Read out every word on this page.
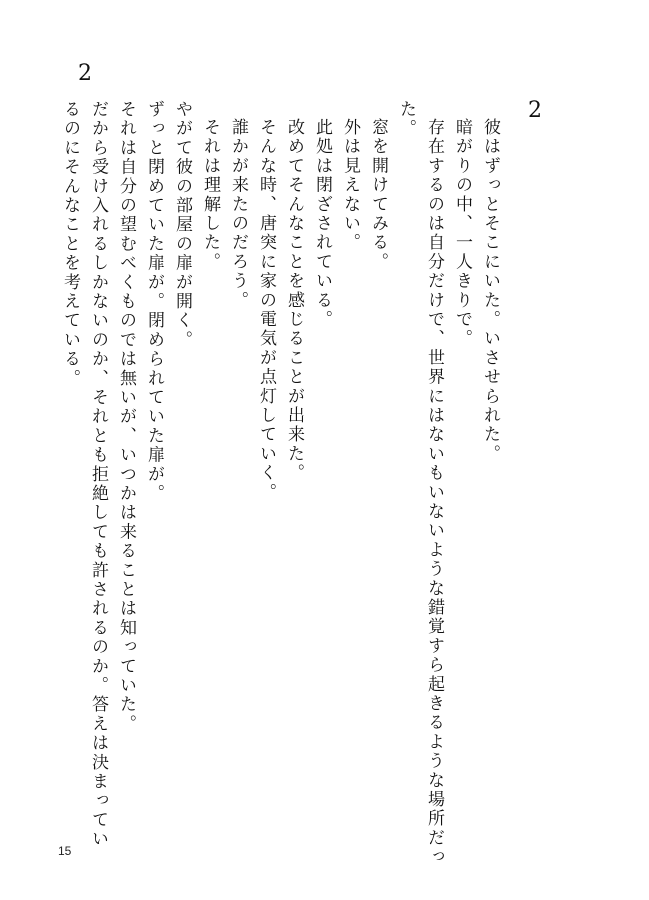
2
2
彼はずっとそこにいた。いさせられた。
暗がりの中、一人きりで。
存在するのは自分だけで、世界にはないもいないような錯覚すら起きるような場所だっ
た。
窓を開けてみる。
外は見えない。
此処は閉ざされている。
改めてそんなことを感じることが出来た。
そんな時、唐突に家の電気が点灯していく。
誰かが来たのだろう。
それは理解した。
やがて彼の部屋の扉が開く。
ずっと閉めていた扉が。閉められていた扉が。
それは自分の望むべくものでは無いが、いつかは来ることは知っていた。
だから受け入れるしかないのか、それとも拒絶しても許されるのか。答えは決まってい
るのにそんなことを考えている。
15
